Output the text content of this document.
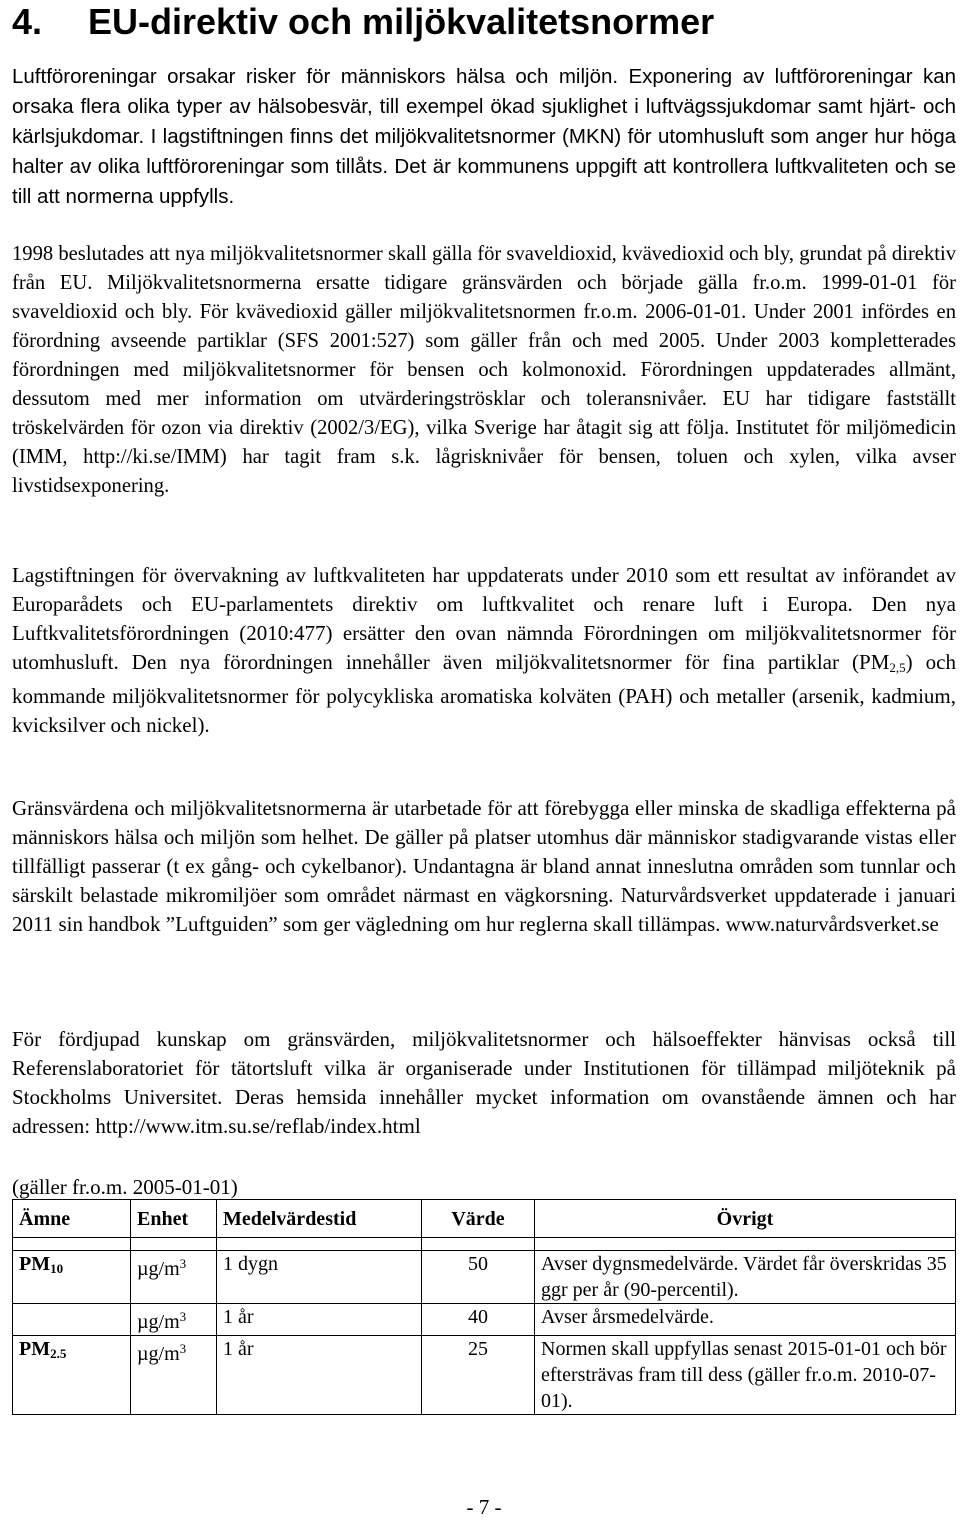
4. EU-direktiv och miljökvalitetsnormer

Luftföroreningar orsakar risker för människors hälsa och miljön. Exponering av luftföroreningar kan orsaka flera olika typer av hälsobesvär, till exempel ökad sjuklighet i luftvägssjukdomar samt hjärt- och kärlsjukdomar. I lagstiftningen finns det miljökvalitetsnormer (MKN) för utomhusluft som anger hur höga halter av olika luftföroreningar som tillåts. Det är kommunens uppgift att kontrollera luftkvaliteten och se till att normerna uppfylls.

1998 beslutades att nya miljökvalitetsnormer skall gälla för svaveldioxid, kvävedioxid och bly, grundat på direktiv från EU. Miljökvalitetsnormerna ersatte tidigare gränsvärden och började gälla fr.o.m. 1999-01-01 för svaveldioxid och bly. För kvävedioxid gäller miljökvalitetsnormen fr.o.m. 2006-01-01. Under 2001 infördes en förordning avseende partiklar (SFS 2001:527) som gäller från och med 2005. Under 2003 kompletterades förordningen med miljökvalitetsnormer för bensen och kolmonoxid. Förordningen uppdaterades allmänt, dessutom med mer information om utvärderingströsklar och toleransnivåer. EU har tidigare fastställt tröskelvärden för ozon via direktiv (2002/3/EG), vilka Sverige har åtagit sig att följa. Institutet för miljömedicin (IMM, http://ki.se/IMM) har tagit fram s.k. lågrisknivåer för bensen, toluen och xylen, vilka avser livstidsexponering.

Lagstiftningen för övervakning av luftkvaliteten har uppdaterats under 2010 som ett resultat av införandet av Europarådets och EU-parlamentets direktiv om luftkvalitet och renare luft i Europa. Den nya Luftkvalitetsförordningen (2010:477) ersätter den ovan nämnda Förordningen om miljökvalitetsnormer för utomhusluft. Den nya förordningen innehåller även miljökvalitetsnormer för fina partiklar $(PM_{2,5})$ och kommande miljökvalitetsnormer för polycykliska aromatiska kolväten (PAH) och metaller (arsenik, kadmium, kvicksilver och nickel).

Gränsvärdena och miljökvalitetsnormerna är utarbetade för att förebygga eller minska de skadliga effekterna på människors hälsa och miljön som helhet. De gäller på platser utomhus där människor stadigvarande vistas eller tillfälligt passerar (t ex gång- och cykelbanor). Undantagna är bland annat inneslutna områden som tunnlar och särskilt belastade mikromiljöer som området närmast en vägkorsning. Naturvårdsverket uppdaterade i januari 2011 sin handbok ”Luftguiden” som ger vägledning om hur reglerna skall tillämpas. www.naturvårdsverket.se

För fördjupad kunskap om gränsvärden, miljökvalitetsnormer och hälsoeffekter hänvisas också till Referenslaboratoriet för tätortsluft vilka är organiserade under Institutionen för tillämpad miljöteknik på Stockholms Universitet. Deras hemsida innehåller mycket information om ovanstående ämnen och har adressen: http://www.itm.su.se/reflab/index.html

(gäller fr.o.m. 2005-01-01)
Ämne	Enhet	Medelvärdestid	Värde	Övrigt

$PM_{10}$	$\mu g/m^3$	1 dygn	50	Avser dygnsmedelvärde. Värdet får överskridas 35 ggr per år (90-percentil).
	$\mu g/m^3$	1 år	40	Avser årsmedelvärde.
$PM_{2.5}$	$\mu g/m^3$	1 år	25	Normen skall uppfyllas senast 2015-01-01 och bör eftersträvas fram till dess (gäller fr.o.m. 2010-07-01).
- 7 -
